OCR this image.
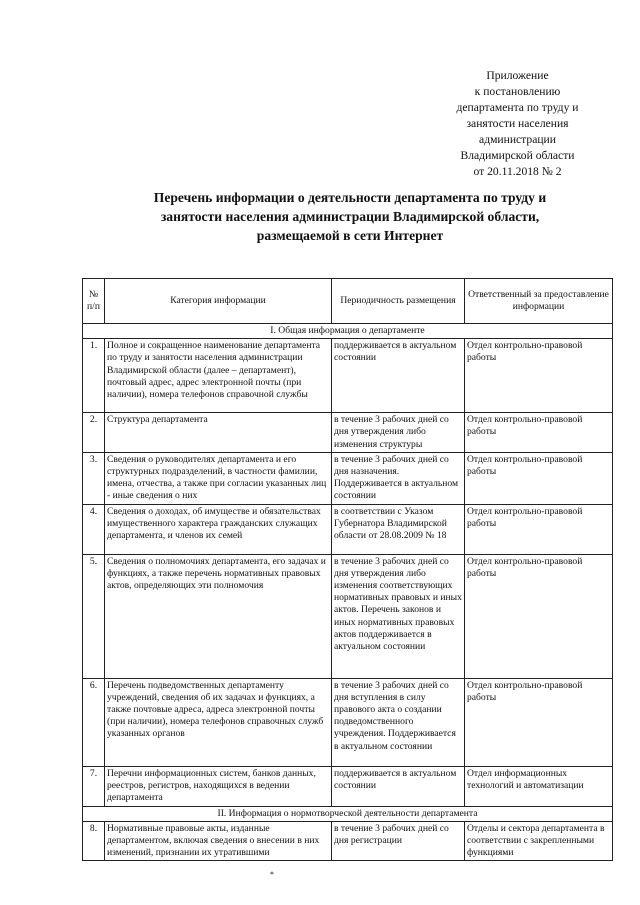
Приложение
к постановлению
департамента по труду и
занятости населения
администрации
Владимирской области
от 20.11.2018 № 2
Перечень информации о деятельности департамента по труду и
занятости населения администрации Владимирской области,
размещаемой в сети Интернет
№ п/п	Категория информации	Периодичность размещения	Ответственный за предоставление информации
I. Общая информация о департаменте			
1.	Полное и сокращенное наименование департамента по труду и занятости населения администрации Владимирской области (далее – департамент), почтовый адрес, адрес электронной почты (при наличии), номера телефонов справочной службы	поддерживается в актуальном состоянии	Отдел контрольно-правовой работы
2.	Структура департамента	в течение 3 рабочих дней со дня утверждения либо изменения структуры	Отдел контрольно-правовой работы
3.	Сведения о руководителях департамента и его структурных подразделений, в частности фамилии, имена, отчества, а также при согласии указанных лиц - иные сведения о них	в течение 3 рабочих дней со дня назначения. Поддерживается в актуальном состоянии	Отдел контрольно-правовой работы
4.	Сведения о доходах, об имуществе и обязательствах имущественного характера гражданских служащих департамента, и членов их семей	в соответствии с Указом Губернатора Владимирской области от 28.08.2009 № 18	Отдел контрольно-правовой работы
5.	Сведения о полномочиях департамента, его задачах и функциях, а также перечень нормативных правовых актов, определяющих эти полномочия	в течение 3 рабочих дней со дня утверждения либо изменения соответствующих нормативных правовых и иных актов. Перечень законов и иных нормативных правовых актов поддерживается в актуальном состоянии	Отдел контрольно-правовой работы
6.	Перечень подведомственных департаменту учреждений, сведения об их задачах и функциях, а также почтовые адреса, адреса электронной почты (при наличии), номера телефонов справочных служб указанных органов	в течение 3 рабочих дней со дня вступления в силу правового акта о создании подведомственного учреждения. Поддерживается в актуальном состоянии	Отдел контрольно-правовой работы
7.	Перечни информационных систем, банков данных, реестров, регистров, находящихся в ведении департамента	поддерживается в актуальном состоянии	Отдел информационных технологий и автоматизации
II. Информация о нормотворческой деятельности департамента			
8.	Нормативные правовые акты, изданные департаментом, включая сведения о внесении в них изменений, признании их утратившими	в течение 3 рабочих дней со дня регистрации	Отделы и сектора департамента в соответствии с закрепленными функциями
*
